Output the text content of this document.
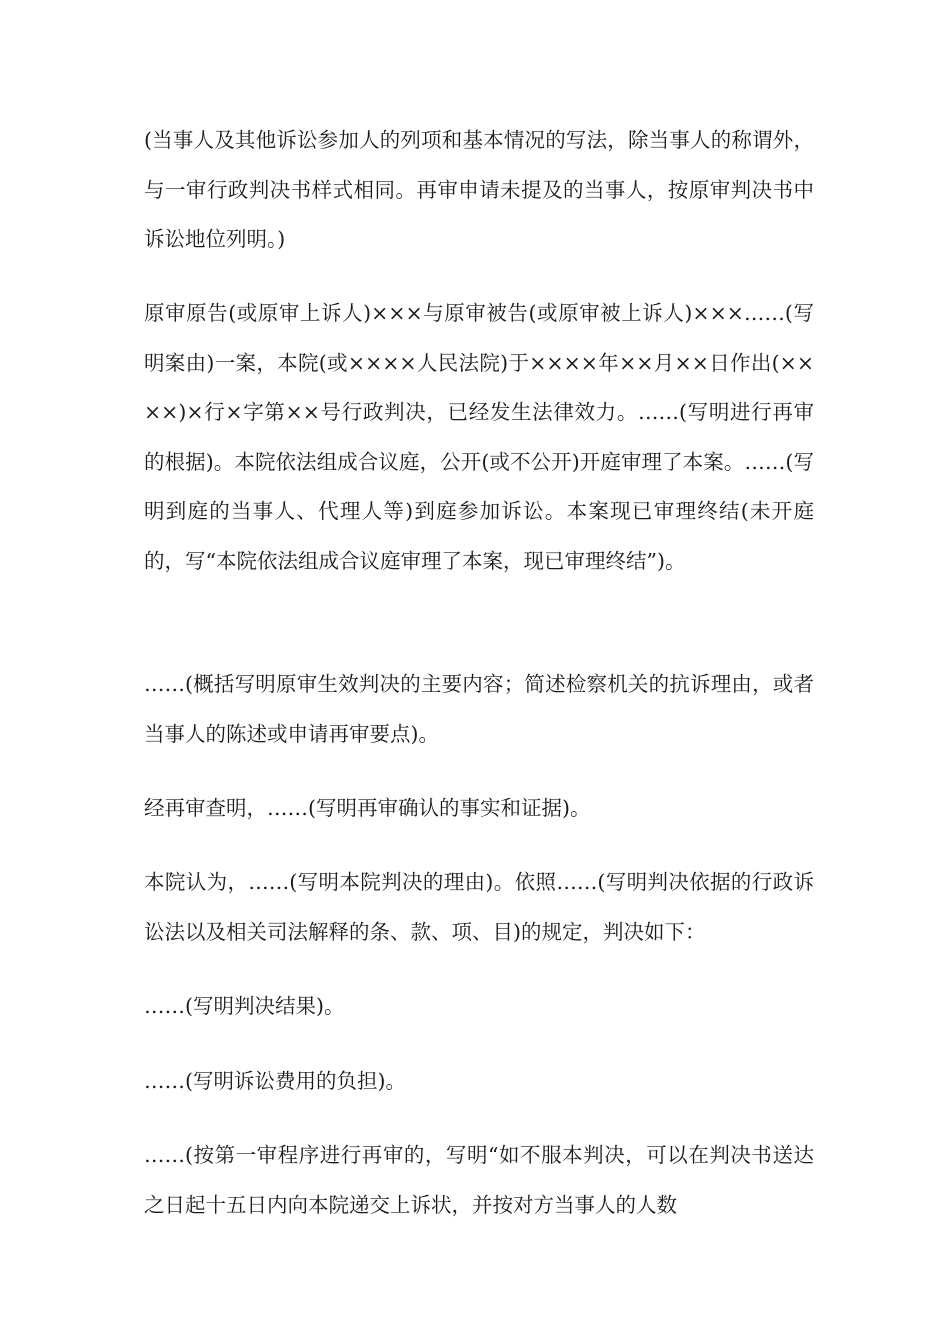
(当事人及其他诉讼参加人的列项和基本情况的写法，除当事人的称谓外，与一审行政判决书样式相同。再审申请未提及的当事人，按原审判决书中诉讼地位列明。)

原审原告(或原审上诉人)×××与原审被告(或原审被上诉人)×××……(写明案由)一案，本院(或××××人民法院)于××××年××月××日作出(××××)×行×字第××号行政判决，已经发生法律效力。……(写明进行再审的根据)。本院依法组成合议庭，公开(或不公开)开庭审理了本案。……(写明到庭的当事人、代理人等)到庭参加诉讼。本案现已审理终结(未开庭的，写“本院依法组成合议庭审理了本案，现已审理终结”)。

……(概括写明原审生效判决的主要内容；简述检察机关的抗诉理由，或者当事人的陈述或申请再审要点)。

经再审查明，……(写明再审确认的事实和证据)。

本院认为，……(写明本院判决的理由)。依照……(写明判决依据的行政诉讼法以及相关司法解释的条、款、项、目)的规定，判决如下：

……(写明判决结果)。

……(写明诉讼费用的负担)。

……(按第一审程序进行再审的，写明“如不服本判决，可以在判决书送达之日起十五日内向本院递交上诉状，并按对方当事人的人数
